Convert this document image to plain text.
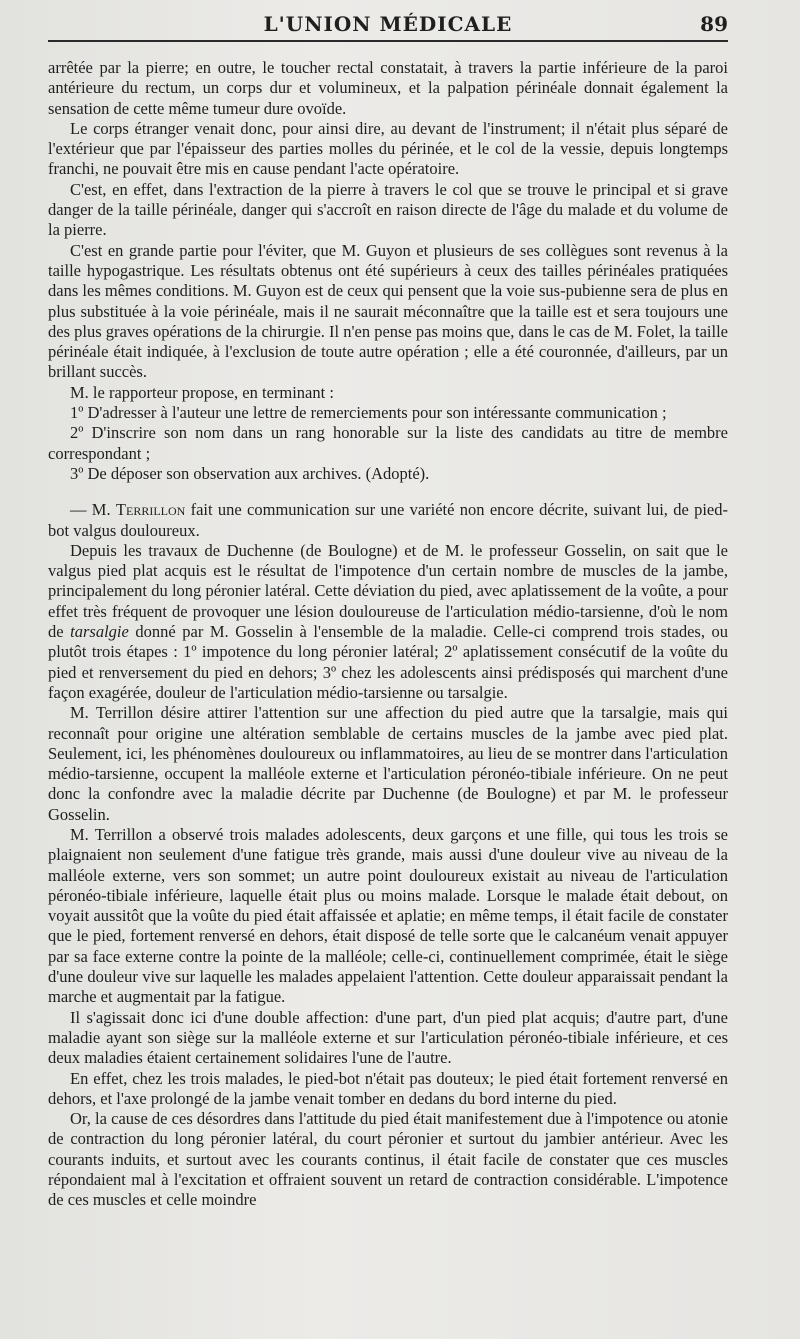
L'UNION MÉDICALE	89

arrêtée par la pierre; en outre, le toucher rectal constatait, à travers la partie inférieure de la paroi antérieure du rectum, un corps dur et volumineux, et la palpation périnéale donnait également la sensation de cette même tumeur dure ovoïde.

Le corps étranger venait donc, pour ainsi dire, au devant de l'instrument; il n'était plus séparé de l'extérieur que par l'épaisseur des parties molles du périnée, et le col de la vessie, depuis longtemps franchi, ne pouvait être mis en cause pendant l'acte opératoire.

C'est, en effet, dans l'extraction de la pierre à travers le col que se trouve le principal et si grave danger de la taille périnéale, danger qui s'accroît en raison directe de l'âge du malade et du volume de la pierre.

C'est en grande partie pour l'éviter, que M. Guyon et plusieurs de ses collègues sont revenus à la taille hypogastrique. Les résultats obtenus ont été supérieurs à ceux des tailles périnéales pratiquées dans les mêmes conditions. M. Guyon est de ceux qui pensent que la voie sus-pubienne sera de plus en plus substituée à la voie périnéale, mais il ne saurait méconnaître que la taille est et sera toujours une des plus graves opérations de la chirurgie. Il n'en pense pas moins que, dans le cas de M. Folet, la taille périnéale était indiquée, à l'exclusion de toute autre opération ; elle a été couronnée, d'ailleurs, par un brillant succès.

M. le rapporteur propose, en terminant :

1º D'adresser à l'auteur une lettre de remerciements pour son intéressante communication ;

2º D'inscrire son nom dans un rang honorable sur la liste des candidats au titre de membre correspondant ;

3º De déposer son observation aux archives. (Adopté).

— M. Terrillon fait une communication sur une variété non encore décrite, suivant lui, de pied-bot valgus douloureux.

Depuis les travaux de Duchenne (de Boulogne) et de M. le professeur Gosselin, on sait que le valgus pied plat acquis est le résultat de l'impotence d'un certain nombre de muscles de la jambe, principalement du long péronier latéral. Cette déviation du pied, avec aplatissement de la voûte, a pour effet très fréquent de provoquer une lésion douloureuse de l'articulation médio-tarsienne, d'où le nom de tarsalgie donné par M. Gosselin à l'ensemble de la maladie. Celle-ci comprend trois stades, ou plutôt trois étapes : 1º impotence du long péronier latéral; 2º aplatissement consécutif de la voûte du pied et renversement du pied en dehors; 3º chez les adolescents ainsi prédisposés qui marchent d'une façon exagérée, douleur de l'articulation médio-tarsienne ou tarsalgie.

M. Terrillon désire attirer l'attention sur une affection du pied autre que la tarsalgie, mais qui reconnaît pour origine une altération semblable de certains muscles de la jambe avec pied plat. Seulement, ici, les phénomènes douloureux ou inflammatoires, au lieu de se montrer dans l'articulation médio-tarsienne, occupent la malléole externe et l'articulation péronéo-tibiale inférieure. On ne peut donc la confondre avec la maladie décrite par Duchenne (de Boulogne) et par M. le professeur Gosselin.

M. Terrillon a observé trois malades adolescents, deux garçons et une fille, qui tous les trois se plaignaient non seulement d'une fatigue très grande, mais aussi d'une douleur vive au niveau de la malléole externe, vers son sommet; un autre point douloureux existait au niveau de l'articulation péronéo-tibiale inférieure, laquelle était plus ou moins malade. Lorsque le malade était debout, on voyait aussitôt que la voûte du pied était affaissée et aplatie; en même temps, il était facile de constater que le pied, fortement renversé en dehors, était disposé de telle sorte que le calcanéum venait appuyer par sa face externe contre la pointe de la malléole; celle-ci, continuellement comprimée, était le siège d'une douleur vive sur laquelle les malades appelaient l'attention. Cette douleur apparaissait pendant la marche et augmentait par la fatigue.

Il s'agissait donc ici d'une double affection: d'une part, d'un pied plat acquis; d'autre part, d'une maladie ayant son siège sur la malléole externe et sur l'articulation péronéo-tibiale inférieure, et ces deux maladies étaient certainement solidaires l'une de l'autre.

En effet, chez les trois malades, le pied-bot n'était pas douteux; le pied était fortement renversé en dehors, et l'axe prolongé de la jambe venait tomber en dedans du bord interne du pied.

Or, la cause de ces désordres dans l'attitude du pied était manifestement due à l'impotence ou atonie de contraction du long péronier latéral, du court péronier et surtout du jambier antérieur. Avec les courants induits, et surtout avec les courants continus, il était facile de constater que ces muscles répondaient mal à l'excitation et offraient souvent un retard de contraction considérable. L'impotence de ces muscles et celle moindre
